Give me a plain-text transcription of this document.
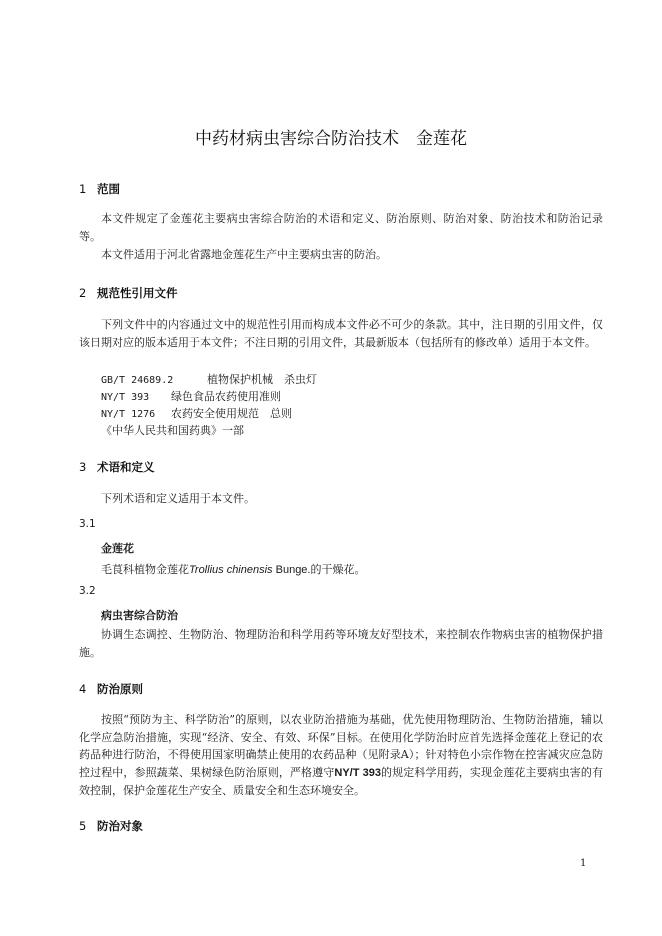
中药材病虫害综合防治技术　金莲花
1 范围

本文件规定了金莲花主要病虫害综合防治的术语和定义、防治原则、防治对象、防治技术和防治记录等。

本文件适用于河北省露地金莲花生产中主要病虫害的防治。

2 规范性引用文件

下列文件中的内容通过文中的规范性引用而构成本文件必不可少的条款。其中，注日期的引用文件，仅该日期对应的版本适用于本文件；不注日期的引用文件，其最新版本（包括所有的修改单）适用于本文件。

GB/T 24689.2	植物保护机械　杀虫灯
NY/T 393 绿色食品农药使用准则
NY/T 1276 农药安全使用规范　总则
《中华人民共和国药典》一部
3 术语和定义

下列术语和定义适用于本文件。

3.1
金莲花
毛茛科植物金莲花Trollius chinensis Bunge.的干燥花。
3.2
病虫害综合防治

协调生态调控、生物防治、物理防治和科学用药等环境友好型技术，来控制农作物病虫害的植物保护措施。

4 防治原则

按照“预防为主、科学防治”的原则，以农业防治措施为基础，优先使用物理防治、生物防治措施，辅以化学应急防治措施，实现“经济、安全、有效、环保”目标。在使用化学防治时应首先选择金莲花上登记的农药品种进行防治，不得使用国家明确禁止使用的农药品种（见附录A）；针对特色小宗作物在控害减灾应急防控过程中，参照蔬菜、果树绿色防治原则，严格遵守NY/T 393的规定科学用药，实现金莲花主要病虫害的有效控制，保护金莲花生产安全、质量安全和生态环境安全。

5 防治对象
1
